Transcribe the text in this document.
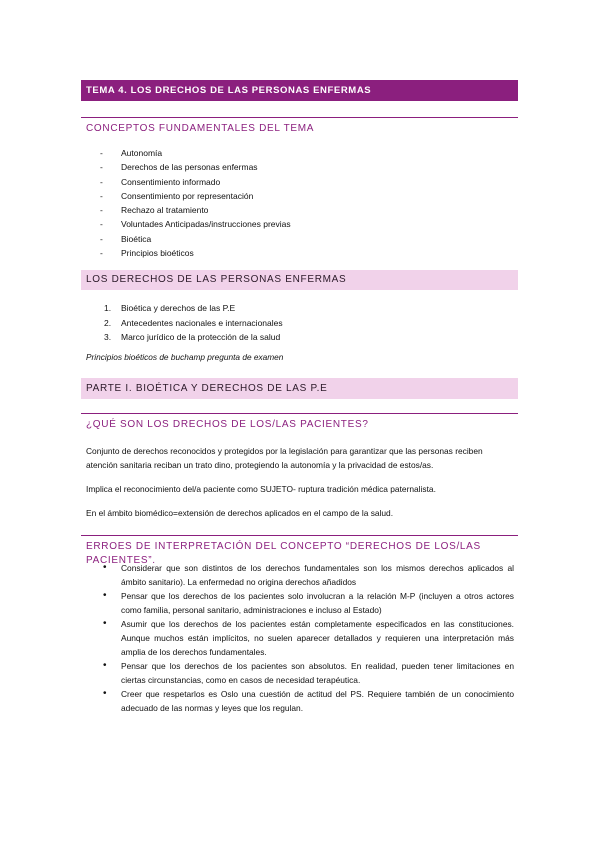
TEMA 4. LOS DRECHOS DE LAS PERSONAS ENFERMAS
CONCEPTOS FUNDAMENTALES DEL TEMA
- Autonomía
- Derechos de las personas enfermas
- Consentimiento informado
- Consentimiento por representación
- Rechazo al tratamiento
- Voluntades Anticipadas/instrucciones previas
- Bioética
- Principios bioéticos
LOS DERECHOS DE LAS PERSONAS ENFERMAS
1. Bioética y derechos de las P.E
2. Antecedentes nacionales e internacionales
3. Marco jurídico de la protección de la salud
Principios bioéticos de buchamp pregunta de examen
PARTE I. BIOÉTICA Y DERECHOS DE LAS P.E
¿QUÉ SON LOS DRECHOS DE LOS/LAS PACIENTES?
Conjunto de derechos reconocidos y protegidos por la legislación para garantizar que las personas reciben
atención sanitaria reciban un trato dino, protegiendo la autonomía y la privacidad de estos/as.
Implica el reconocimiento del/a paciente como SUJETO- ruptura tradición médica paternalista.
En el ámbito biomédico=extensión de derechos aplicados en el campo de la salud.
ERROES DE INTERPRETACIÓN DEL CONCEPTO “DERECHOS DE LOS/LAS PACIENTES”.
• Considerar que son distintos de los derechos fundamentales son los mismos derechos aplicados al ámbito sanitario). La enfermedad no origina derechos añadidos
• Pensar que los derechos de los pacientes solo involucran a la relación M-P (incluyen a otros actores como familia, personal sanitario, administraciones e incluso al Estado)
• Asumir que los derechos de los pacientes están completamente especificados en las constituciones. Aunque muchos están implícitos, no suelen aparecer detallados y requieren una interpretación más amplia de los derechos fundamentales.
• Pensar que los derechos de los pacientes son absolutos. En realidad, pueden tener limitaciones en ciertas circunstancias, como en casos de necesidad terapéutica.
• Creer que respetarlos es Oslo una cuestión de actitud del PS. Requiere también de un conocimiento adecuado de las normas y leyes que los regulan.
